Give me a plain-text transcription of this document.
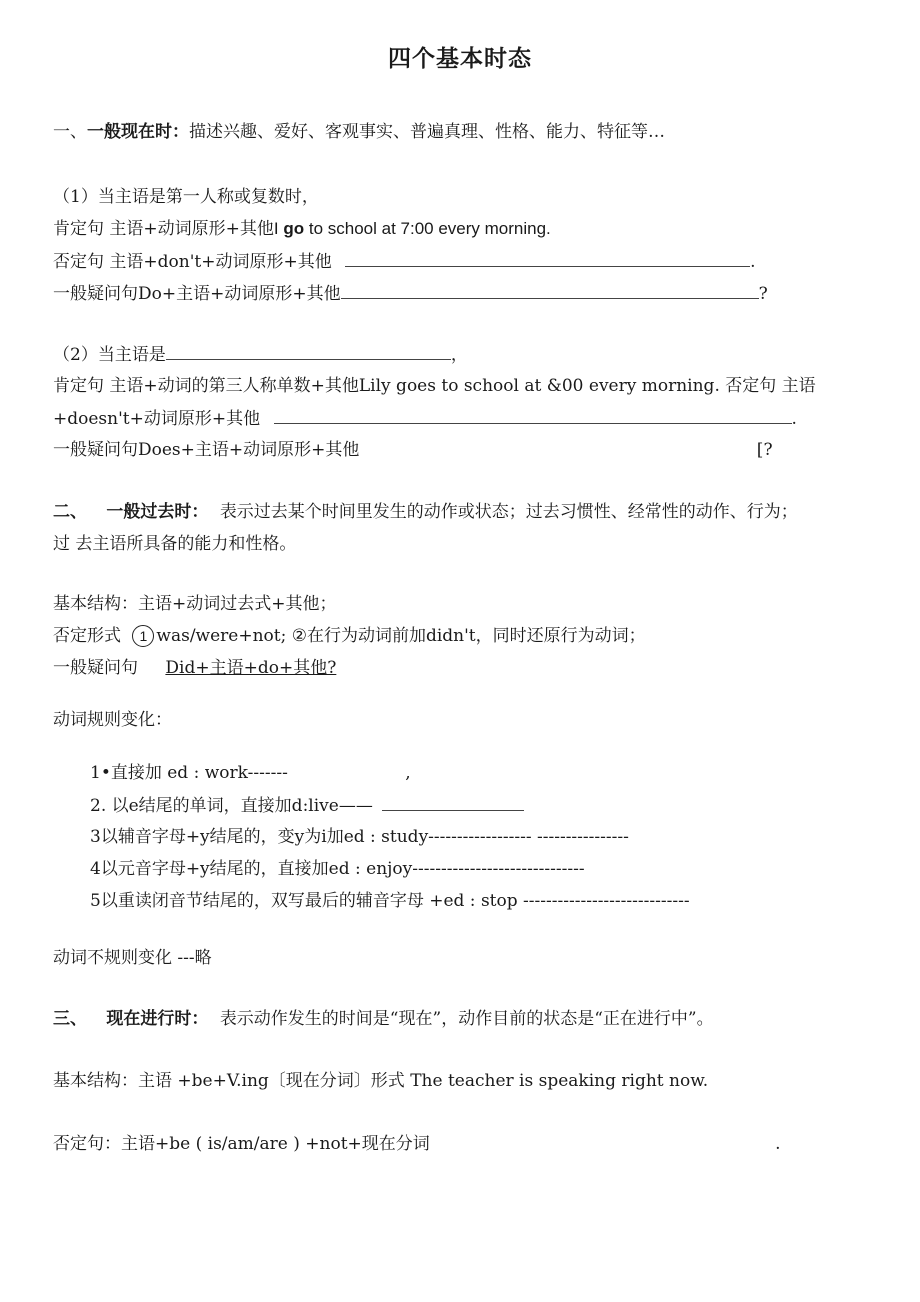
四个基本时态
一、一般现在时：描述兴趣、爱好、客观事实、普遍真理、性格、能力、特征等…
（1）当主语是第一人称或复数时，
肯定句 主语+动词原形+其他I go to school at 7:00 every morning.
否定句 主语+don't+动词原形+其他	.
一般疑问句Do+主语+动词原形+其他	?
（2）当主语是	，
肯定句 主语+动词的第三人称单数+其他Lily goes to school at &00 every morning. 否定句 主语
+doesn't+动词原形+其他	.
一般疑问句Does+主语+动词原形+其他	[?
二、 一般过去时： 表示过去某个时间里发生的动作或状态；过去习惯性、经常性的动作、行为；
过 去主语所具备的能力和性格。
基本结构：主语+动词过去式+其他；
否定形式 1 was/were+not; ②在行为动词前加didn't，同时还原行为动词；
一般疑问句 Did+主语+do+其他?
动词规则变化：
1•直接加 ed : work-------	,
2. 以e结尾的单词，直接加d:live——
3以辅音字母+y结尾的，变y为i加ed : study------------------ ----------------
4以元音字母+y结尾的，直接加ed : enjoy------------------------------
5以重读闭音节结尾的，双写最后的辅音字母 +ed : stop -----------------------------
动词不规则变化 ---略
三、 现在进行时： 表示动作发生的时间是“现在”，动作目前的状态是“正在进行中”。
基本结构：主语 +be+V.ing〔现在分词〕形式 The teacher is speaking right now.
否定句：主语+be ( is/am/are ) +not+现在分词	.
